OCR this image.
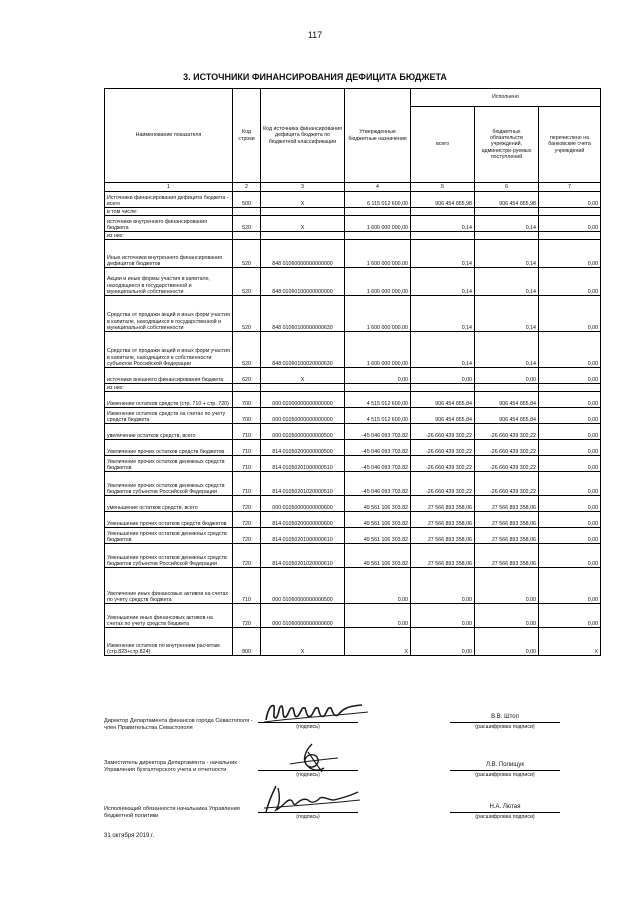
117
3. ИСТОЧНИКИ ФИНАНСИРОВАНИЯ ДЕФИЦИТА БЮДЖЕТА
Наименование показателя	Код строки	Код источника финансирования дефицита бюджета по бюджетной классификации	Утвержденные бюджетные назначения	Исполнено		
				всего	бюджетных обязательств учреждений, администри-руемых поступлений	перечислено на банковские счета учреждений
1	2	3	4	5	6	7
Источники финансирования дефицита бюджета - всего	500	X	6 115 012 600,00	906 454 055,98	906 454 055,98	0,00
в том числе:						
источники внутреннего финансирования бюджета	520	X	1 600 000 000,00	0,14	0,14	0,00
из них:						
Иные источники внутреннего финансирования дефицитов бюджетов	520	848 01060000000000000	1 600 000 000,00	0,14	0,14	0,00
Акции и иные формы участия в капитале, находящиеся в государственной и муниципальной собственности	520	848 01060100000000000	1 600 000 000,00	0,14	0,14	0,00
Средства от продажи акций и иных форм участия в капитале, находящихся в государственной и муниципальной собственности	520	848 01060100000000630	1 600 000 000,00	0,14	0,14	0,00
Средства от продажи акций и иных форм участия в капитале, находящихся в собственности субъектов Российской Федерации	520	848 01060100020000630	1 600 000 000,00	0,14	0,14	0,00
источники внешнего финансирования бюджета	620	X	0,00	0,00	0,00	0,00
из них:						
Изменение остатков средств (стр. 710 + стр. 720)	700	000 01000000000000000	4 515 012 600,00	906 454 055,84	906 454 055,84	0,00
Изменение остатков средств на счетах по учету средств бюджета	700	000 01050000000000000	4 515 012 600,00	906 454 055,84	906 454 055,84	0,00
увеличение остатков средств, всего	710	000 01050000000000500	-45 046 093 703,82	-26 660 439 302,22	-26 660 439 302,22	0,00
Увеличение прочих остатков средств бюджетов	710	814 01050200000000500	-45 046 093 703,82	-26 660 439 302,22	-26 660 439 302,22	0,00
Увеличение прочих остатков денежных средств бюджетов	710	814 01050201000000510	-45 046 093 703,82	-26 660 439 302,22	-26 660 439 302,22	0,00
Увеличение прочих остатков денежных средств бюджетов субъектов Российской Федерации	710	814 01050201020000510	-45 046 093 703,82	-26 660 439 302,22	-26 660 439 302,22	0,00
уменьшение остатков средств, всего	720	000 01050000000000600	49 561 106 303,82	27 566 893 358,06	27 566 893 358,06	0,00
Уменьшение прочих остатков средств бюджетов	720	814 01050200000000600	49 561 106 303,82	27 566 893 358,06	27 566 893 358,06	0,00
Уменьшение прочих остатков денежных средств бюджетов	720	814 01050201000000610	49 561 106 303,82	27 566 893 358,06	27 566 893 358,06	0,00
Уменьшение прочих остатков денежных средств бюджетов субъектов Российской Федерации	720	814 01050201020000610	49 561 106 303,82	27 566 893 358,06	27 566 893 358,06	0,00
Увеличение иных финансовых активов на счетах по учету средств бюджета	710	000 01060000000000500	0,00	0,00	0,00	0,00
Уменьшение иных финансовых активов на счетах по учету средств бюджета	720	000 01060000000000600	0,00	0,00	0,00	0,00
Изменение остатков по внутренним расчетам (стр.823+стр.824)	800	X	X	0,00	0,00	X
Директор Департамента финансов города Севастополя - член Правительства Севастополя	(подпись)
В.В. Штоп
(расшифровка подписи)
Заместитель директора Департамента - начальник Управления бухгалтерского учета и отчетности
(подпись)
Л.В. Полищук
(расшифровка подписи)
Исполняющий обязанности начальника Управления бюджетной политики	(подпись)
Н.А. Лютая
(расшифровка подписи)
31 октября 2019 г.
